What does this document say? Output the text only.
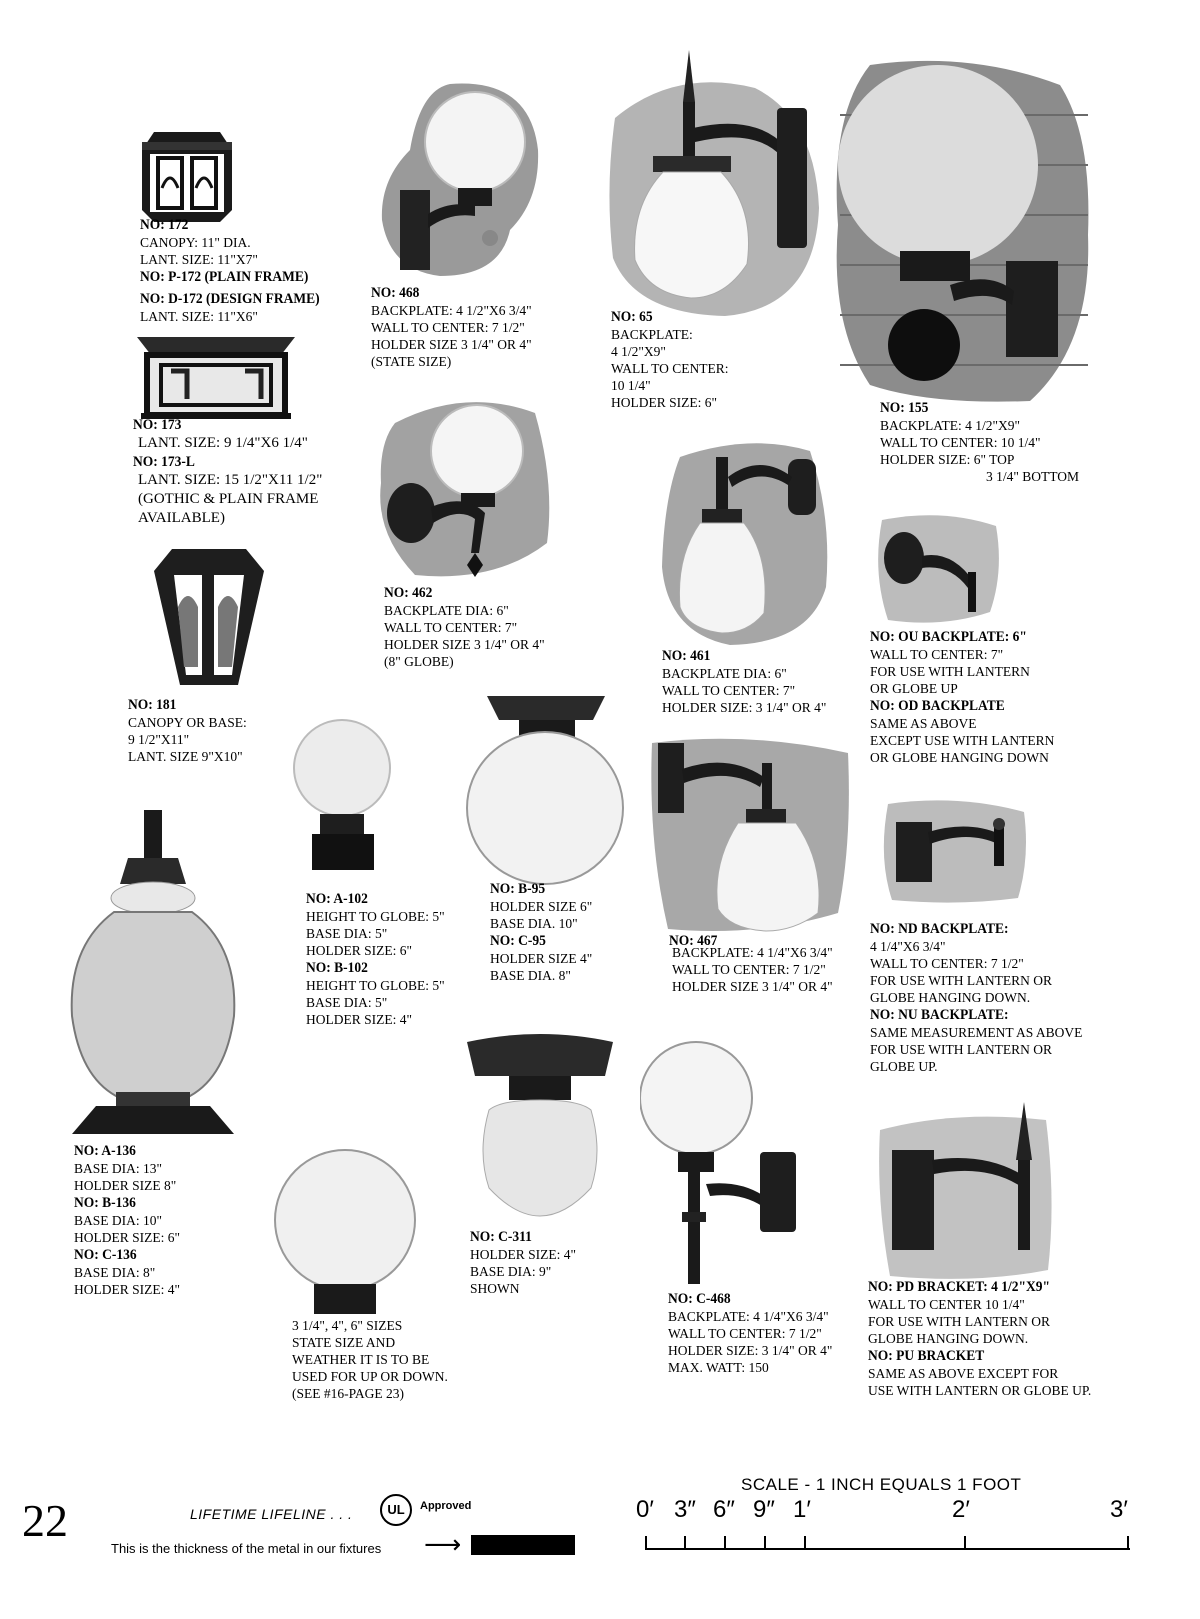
NO: 172
CANOPY: 11" DIA.
LANT. SIZE: 11"X7"
NO: P-172 (PLAIN FRAME)
NO: D-172 (DESIGN FRAME)
LANT. SIZE: 11"X6"
NO: 468
BACKPLATE: 4 1/2"X6 3/4"
WALL TO CENTER: 7 1/2"
HOLDER SIZE 3 1/4" OR 4"
(STATE SIZE)
NO: 65
BACKPLATE:
4 1/2"X9"
WALL TO CENTER:
10 1/4"
HOLDER SIZE: 6"	NO: 155
BACKPLATE: 4 1/2"X9"
WALL TO CENTER: 10 1/4"
HOLDER SIZE: 6" TOP
3 1/4" BOTTOM
NO: 173
LANT. SIZE: 9 1/4"X6 1/4"
NO: 173-L
LANT. SIZE: 15 1/2"X11 1/2"
(GOTHIC & PLAIN FRAME
AVAILABLE)
NO: 462
BACKPLATE DIA: 6"
WALL TO CENTER: 7"
HOLDER SIZE 3 1/4" OR 4"
(8" GLOBE)	NO: 461
BACKPLATE DIA: 6"
WALL TO CENTER: 7"
HOLDER SIZE: 3 1/4" OR 4"
NO: OU BACKPLATE: 6"
WALL TO CENTER: 7"
FOR USE WITH LANTERN
OR GLOBE UP
NO: OD BACKPLATE
SAME AS ABOVE
EXCEPT USE WITH LANTERN
OR GLOBE HANGING DOWN
NO: 181
CANOPY OR BASE:
9 1/2"X11"
LANT. SIZE 9"X10"
NO: A-102
HEIGHT TO GLOBE: 5"
BASE DIA: 5"
HOLDER SIZE: 6"
NO: B-102
HEIGHT TO GLOBE: 5"
BASE DIA: 5"
HOLDER SIZE: 4"
NO: B-95
HOLDER SIZE 6"
BASE DIA. 10"
NO: C-95
HOLDER SIZE 4"
BASE DIA. 8"
NO: 467
BACKPLATE: 4 1/4"X6 3/4"
WALL TO CENTER: 7 1/2"
HOLDER SIZE 3 1/4" OR 4"
NO: ND BACKPLATE:
4 1/4"X6 3/4"
WALL TO CENTER: 7 1/2"
FOR USE WITH LANTERN OR
GLOBE HANGING DOWN.
NO: NU BACKPLATE:
SAME MEASUREMENT AS ABOVE
FOR USE WITH LANTERN OR
GLOBE UP.
NO: A-136
BASE DIA: 13"
HOLDER SIZE 8"
NO: B-136
BASE DIA: 10"
HOLDER SIZE: 6"
NO: C-136
BASE DIA: 8"
HOLDER SIZE: 4"
3 1/4", 4", 6" SIZES
STATE SIZE AND
WEATHER IT IS TO BE
USED FOR UP OR DOWN.
(SEE #16-PAGE 23)
NO: C-311
HOLDER SIZE: 4"
BASE DIA: 9"
SHOWN
NO: C-468
BACKPLATE: 4 1/4"X6 3/4"
WALL TO CENTER: 7 1/2"
HOLDER SIZE: 3 1/4" OR 4"
MAX. WATT: 150
NO: PD BRACKET: 4 1/2"X9"
WALL TO CENTER 10 1/4"
FOR USE WITH LANTERN OR
GLOBE HANGING DOWN.
NO: PU BRACKET
SAME AS ABOVE EXCEPT FOR
USE WITH LANTERN OR GLOBE UP.
22	LIFETIME LIFELINE . . .	UL	Approved
This is the thickness of the metal in our fixtures ⟶
SCALE - 1 INCH EQUALS 1 FOOT
0′ 3″ 6″ 9″ 1′	2′	3′
